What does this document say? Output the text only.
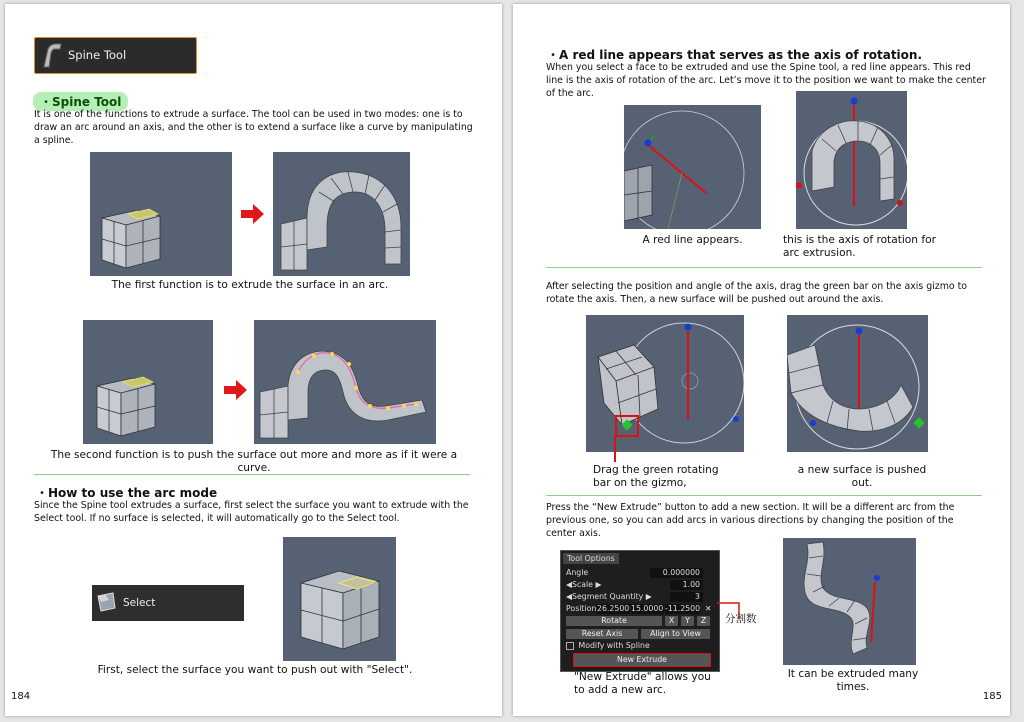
Spine Tool
・Spine Tool
It is one of the functions to extrude a surface. The tool can be used in two modes: one is to draw an arc around an axis, and the other is to extend a surface like a curve by manipulating a spline.
The first function is to extrude the surface in an arc.
The second function is to push the surface out more and more as if it were a curve.
・How to use the arc mode
Since the Spine tool extrudes a surface, first select the surface you want to extrude with the Select tool. If no surface is selected, it will automatically go to the Select tool.
Select
First, select the surface you want to push out with "Select".
184
・A red line appears that serves as the axis of rotation.
When you select a face to be extruded and use the Spine tool, a red line appears. This red line is the axis of rotation of the arc. Let’s move it to the position we want to make the center of the arc.
A red line appears.	this is the axis of rotation for arc extrusion.
After selecting the position and angle of the axis, drag the green bar on the axis gizmo to rotate the axis. Then, a new surface will be pushed out around the axis.
Drag the green rotating bar on the gizmo,
a new surface is pushed out.
Press the “New Extrude” button to add a new section. It will be a different arc from the previous one, so you can add arcs in various directions by changing the position of the center axis.
Tool Options
Angle	0.000000
◀Scale ▶	1.00
◀Segment Quantity ▶	3
Position 26.2500 15.0000 -11.2500 ✕
Rotate	X	Y	Z
Reset Axis	Align to View
Modify with Spline
New Extrude
分割数
"New Extrude" allows you to add a new arc.
It can be extruded many times.
185
